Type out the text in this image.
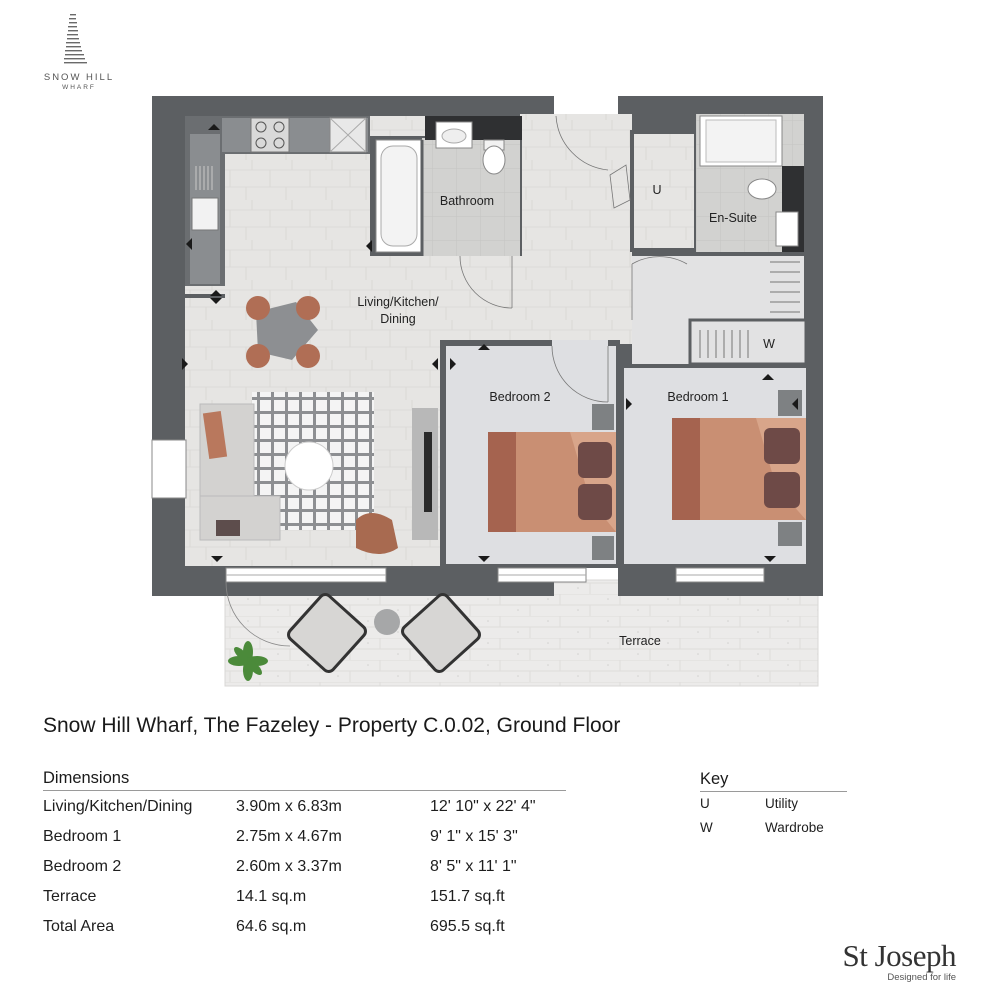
SNOW HILL
WHARF
Living/Kitchen/
Dining
Bathroom
U
En-Suite
W
Bedroom 2	Bedroom 1
Terrace
Snow Hill Wharf, The Fazeley - Property C.0.02, Ground Floor
Dimensions
Living/Kitchen/Dining	3.90m x 6.83m	12' 10" x 22' 4"
Bedroom 1	2.75m x 4.67m	9' 1" x 15' 3"
Bedroom 2	2.60m x 3.37m	8' 5" x 11' 1"
Terrace	14.1 sq.m	151.7 sq.ft
Total Area	64.6 sq.m	695.5 sq.ft
Key
U	Utility
W	Wardrobe
St Joseph
Designed for life
